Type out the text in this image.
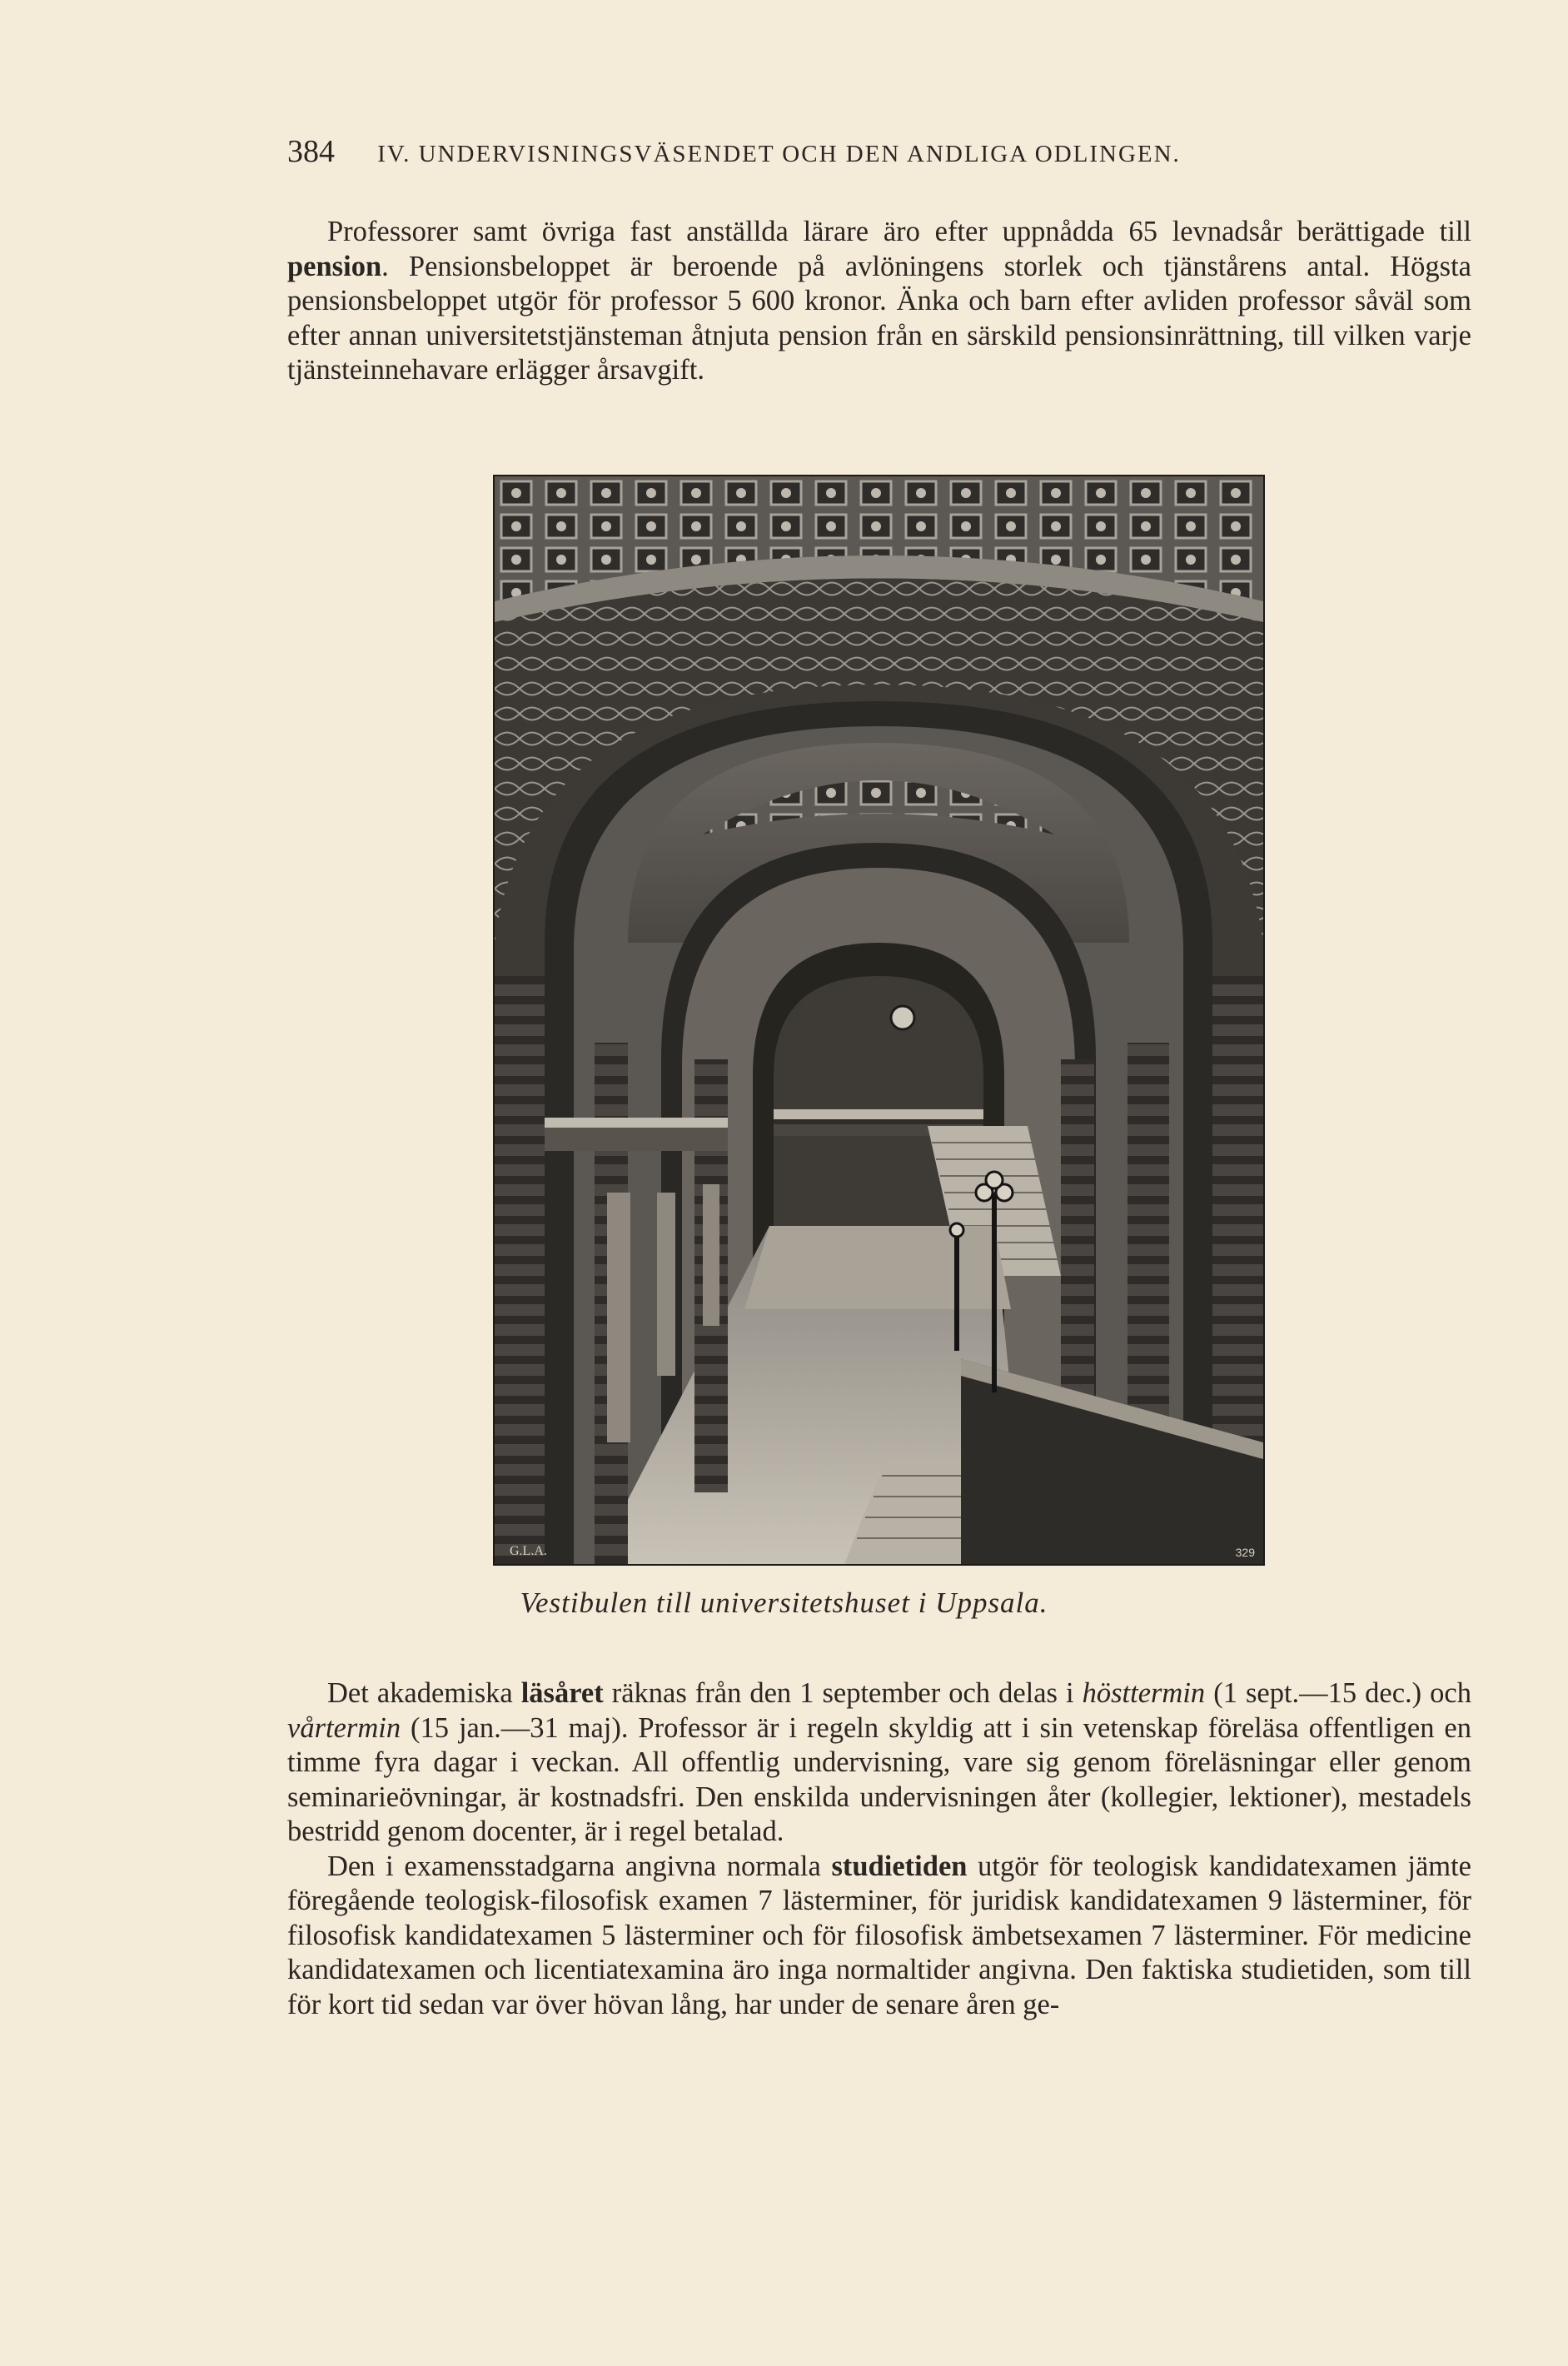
384 IV. UNDERVISNINGSVÄSENDET OCH DEN ANDLIGA ODLINGEN.

Professorer samt övriga fast anställda lärare äro efter uppnådda 65 levnadsår berättigade till pension. Pensionsbeloppet är beroende på avlöningens storlek och tjänstårens antal. Högsta pensionsbeloppet utgör för professor 5 600 kronor. Änka och barn efter avliden professor såväl som efter annan universitetstjänsteman åtnjuta pension från en särskild pensionsinrättning, till vilken varje tjänsteinnehavare erlägger årsavgift.

G.L.A.	329
Vestibulen till universitetshuset i Uppsala.

Det akademiska läsåret räknas från den 1 september och delas i hösttermin (1 sept.—15 dec.) och vårtermin (15 jan.—31 maj). Professor är i regeln skyldig att i sin vetenskap föreläsa offentligen en timme fyra dagar i veckan. All offentlig undervisning, vare sig genom föreläsningar eller genom seminarieövningar, är kostnadsfri. Den enskilda undervisningen åter (kollegier, lektioner), mestadels bestridd genom docenter, är i regel betalad.

Den i examensstadgarna angivna normala studietiden utgör för teologisk kandidatexamen jämte föregående teologisk-filosofisk examen 7 lästerminer, för juridisk kandidatexamen 9 lästerminer, för filosofisk kandidatexamen 5 lästerminer och för filosofisk ämbetsexamen 7 lästerminer. För medicine kandidatexamen och licentiatexamina äro inga normaltider angivna. Den faktiska studietiden, som till för kort tid sedan var över hövan lång, har under de senare åren ge-
